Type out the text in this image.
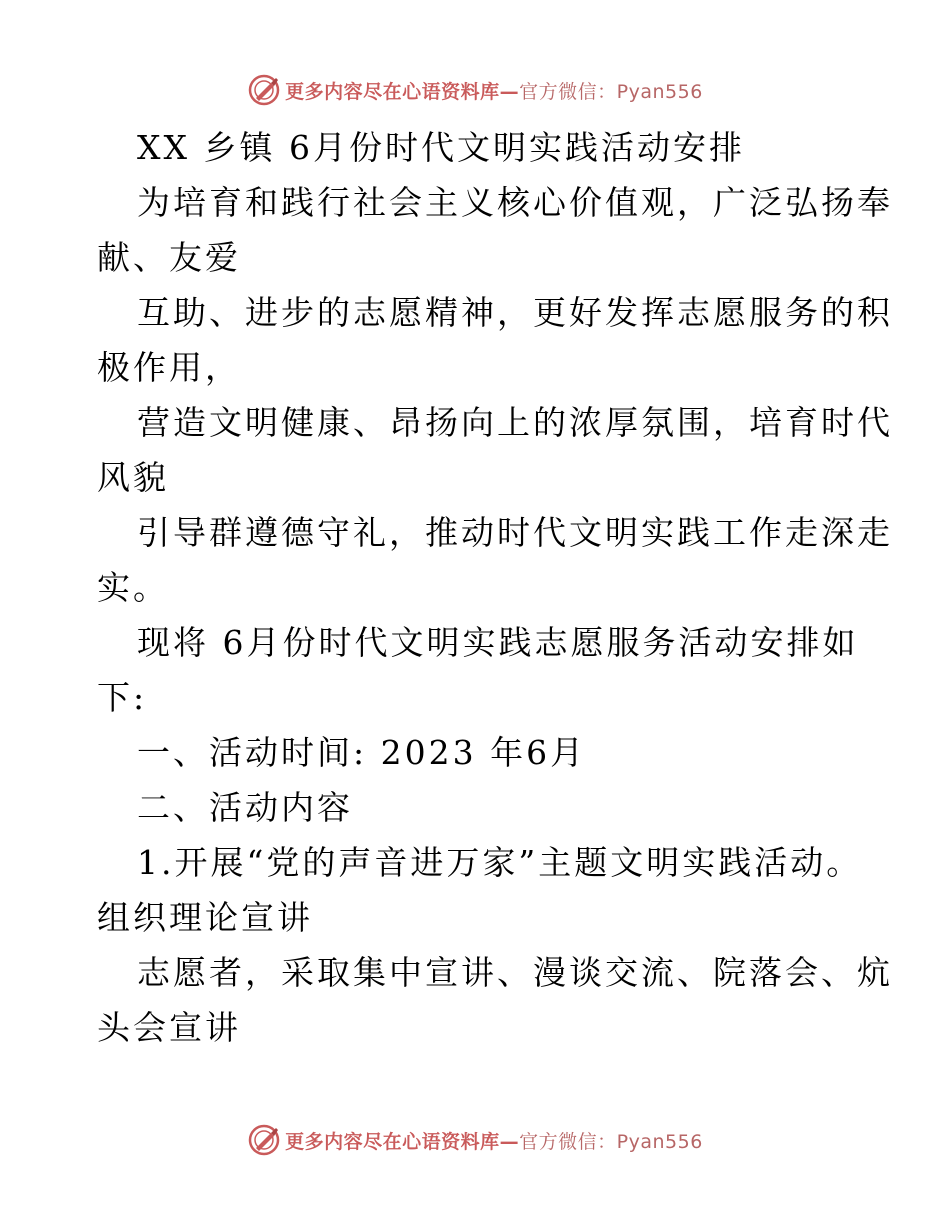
更多内容尽在心语资料库—官方微信：Pyan556

XX 乡镇 6月份时代文明实践活动安排

为培育和践行社会主义核心价值观，广泛弘扬奉

献、友爱

互助、进步的志愿精神，更好发挥志愿服务的积

极作用，

营造文明健康、昂扬向上的浓厚氛围，培育时代

风貌

引导群遵德守礼，推动时代文明实践工作走深走

实。

现将 6月份时代文明实践志愿服务活动安排如

下:

一、活动时间: 2023 年6月

二、活动内容

1.开展“党的声音进万家”主题文明实践活动。

组织理论宣讲

志愿者，采取集中宣讲、漫谈交流、院落会、炕

头会宣讲

更多内容尽在心语资料库—官方微信：Pyan556
